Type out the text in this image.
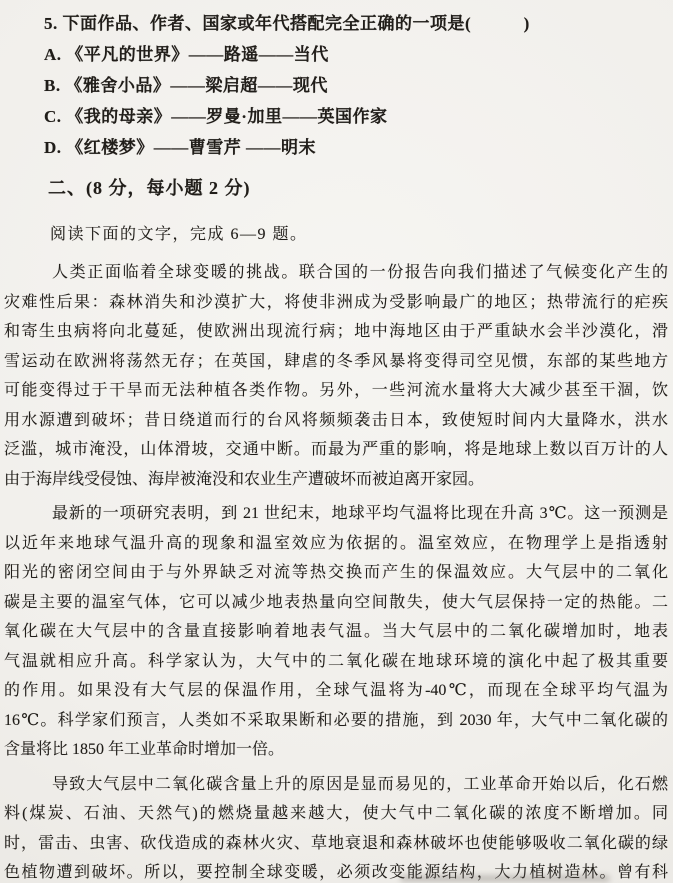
5. 下面作品、作者、国家或年代搭配完全正确的一项是(　　　)
A. 《平凡的世界》——路遥——当代
B. 《雅舍小品》——梁启超——现代
C. 《我的母亲》——罗曼·加里——英国作家
D. 《红楼梦》——曹雪芹 ——明末
二、(8 分，每小题 2 分)
阅读下面的文字，完成 6—9 题。
人类正面临着全球变暖的挑战。联合国的一份报告向我们描述了气候变化产生的
灾难性后果：森林消失和沙漠扩大，将使非洲成为受影响最广的地区；热带流行的疟疾
和寄生虫病将向北蔓延，使欧洲出现流行病；地中海地区由于严重缺水会半沙漠化，滑
雪运动在欧洲将荡然无存；在英国，肆虐的冬季风暴将变得司空见惯，东部的某些地方
可能变得过于干旱而无法种植各类作物。另外，一些河流水量将大大减少甚至干涸，饮
用水源遭到破坏；昔日绕道而行的台风将频频袭击日本，致使短时间内大量降水，洪水
泛滥，城市淹没，山体滑坡，交通中断。而最为严重的影响，将是地球上数以百万计的人
由于海岸线受侵蚀、海岸被淹没和农业生产遭破坏而被迫离开家园。
最新的一项研究表明，到 21 世纪末，地球平均气温将比现在升高 3℃。这一预测是
以近年来地球气温升高的现象和温室效应为依据的。温室效应，在物理学上是指透射
阳光的密闭空间由于与外界缺乏对流等热交换而产生的保温效应。大气层中的二氧化
碳是主要的温室气体，它可以减少地表热量向空间散失，使大气层保持一定的热能。二
氧化碳在大气层中的含量直接影响着地表气温。当大气层中的二氧化碳增加时，地表
气温就相应升高。科学家认为，大气中的二氧化碳在地球环境的演化中起了极其重要
的作用。如果没有大气层的保温作用，全球气温将为-40℃，而现在全球平均气温为
16℃。科学家们预言，人类如不采取果断和必要的措施，到 2030 年，大气中二氧化碳的
含量将比 1850 年工业革命时增加一倍。
导致大气层中二氧化碳含量上升的原因是显而易见的，工业革命开始以后，化石燃
料(煤炭、石油、天然气)的燃烧量越来越大，使大气中二氧化碳的浓度不断增加。同
时，雷击、虫害、砍伐造成的森林火灾、草地衰退和森林破坏也使能够吸收二氧化碳的绿
色植物遭到破坏。所以，要控制全球变暖，必须改变能源结构，大力植树造林。曾有科
